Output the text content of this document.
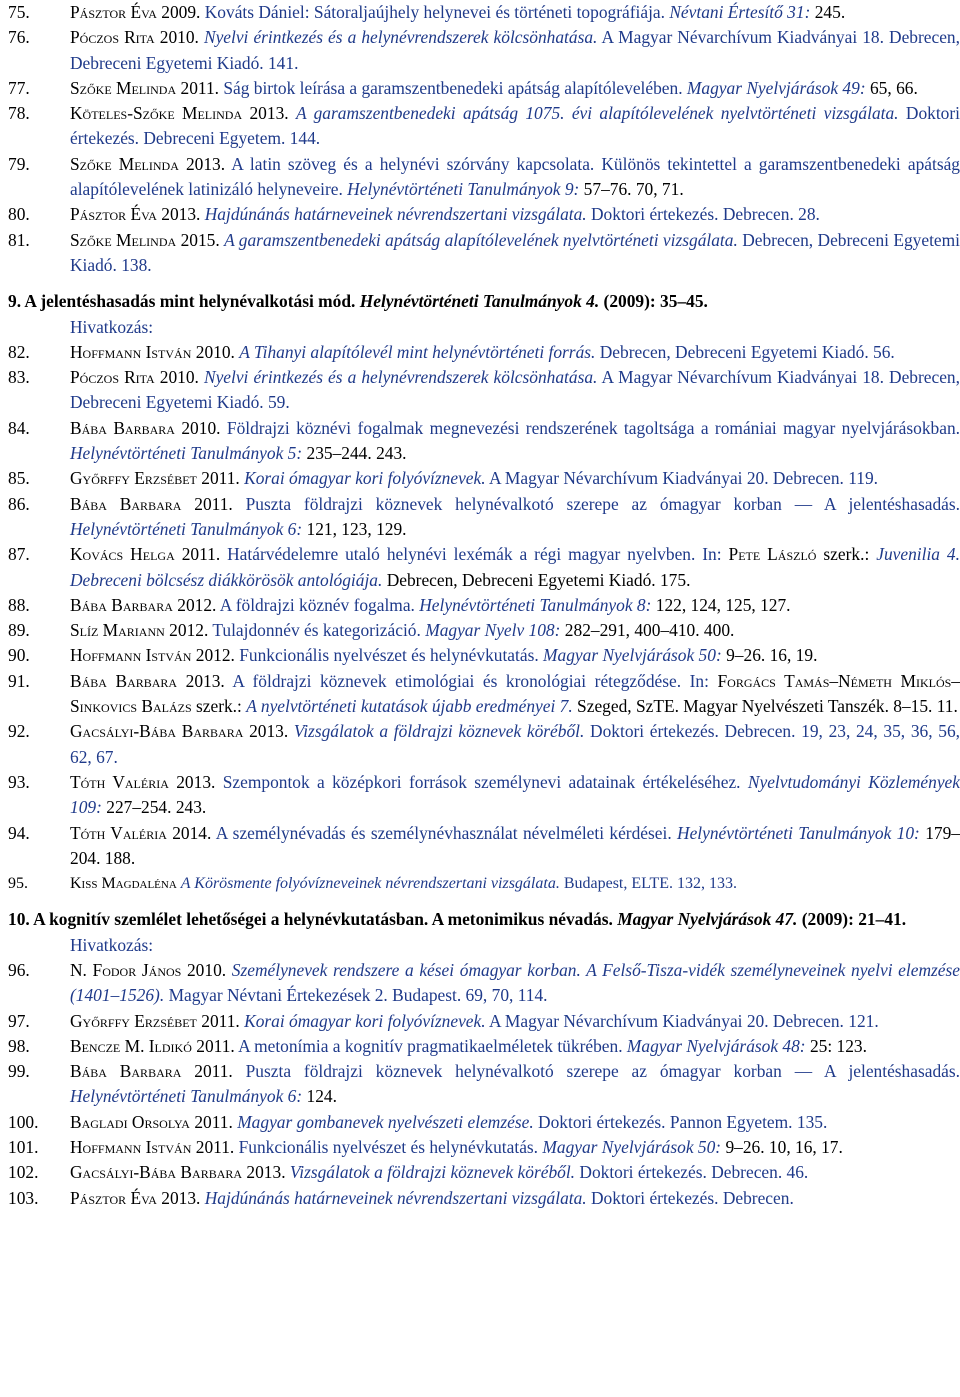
75. Pásztor Éva 2009. Kováts Dániel: Sátoraljaújhely helynevei és történeti topográfiája. Névtani Értesítő 31: 245.

76. Póczos Rita 2010. Nyelvi érintkezés és a helynévrendszerek kölcsönhatása. A Magyar Névarchívum Kiadványai 18. Debrecen, Debreceni Egyetemi Kiadó. 141.

77. Szőke Melinda 2011. Ság birtok leírása a garamszentbenedeki apátság alapítólevelében. Magyar Nyelvjárások 49: 65, 66.

78. Köteles-Szőke Melinda 2013. A garamszentbenedeki apátság 1075. évi alapítólevelének nyelvtörténeti vizsgálata. Doktori értekezés. Debreceni Egyetem. 144.

79. Szőke Melinda 2013. A latin szöveg és a helynévi szórvány kapcsolata. Különös tekintettel a garamszentbenedeki apátság alapítólevelének latinizáló helyneveire. Helynévtörténeti Tanulmányok 9: 57–76. 70, 71.

80. Pásztor Éva 2013. Hajdúnánás határneveinek névrendszertani vizsgálata. Doktori értekezés. Debrecen. 28.

81. Szőke Melinda 2015. A garamszentbenedeki apátság alapítólevelének nyelvtörténeti vizsgálata. Debrecen, Debreceni Egyetemi Kiadó. 138.

9. A jelentéshasadás mint helynévalkotási mód. Helynévtörténeti Tanulmányok 4. (2009): 35–45.
Hivatkozás:
82. Hoffmann István 2010. A Tihanyi alapítólevél mint helynévtörténeti forrás. Debrecen, Debreceni Egyetemi Kiadó. 56.

83. Póczos Rita 2010. Nyelvi érintkezés és a helynévrendszerek kölcsönhatása. A Magyar Névarchívum Kiadványai 18. Debrecen, Debreceni Egyetemi Kiadó. 59.

84. Bába Barbara 2010. Földrajzi köznévi fogalmak megnevezési rendszerének tagoltsága a romániai magyar nyelvjárásokban. Helynévtörténeti Tanulmányok 5: 235–244. 243.

85. Győrffy Erzsébet 2011. Korai ómagyar kori folyóvíznevek. A Magyar Névarchívum Kiadványai 20. Debrecen. 119.

86. Bába Barbara 2011. Puszta földrajzi köznevek helynévalkotó szerepe az ómagyar korban — A jelentéshasadás. Helynévtörténeti Tanulmányok 6: 121, 123, 129.

87. Kovács Helga 2011. Határvédelemre utaló helynévi lexémák a régi magyar nyelvben. In: Pete László szerk.: Juvenilia 4. Debreceni bölcsész diákkörösök antológiája. Debrecen, Debreceni Egyetemi Kiadó. 175.

88. Bába Barbara 2012. A földrajzi köznév fogalma. Helynévtörténeti Tanulmányok 8: 122, 124, 125, 127.

89. Slíz Mariann 2012. Tulajdonnév és kategorizáció. Magyar Nyelv 108: 282–291, 400–410. 400.

90. Hoffmann István 2012. Funkcionális nyelvészet és helynévkutatás. Magyar Nyelvjárások 50: 9–26. 16, 19.

91. Bába Barbara 2013. A földrajzi köznevek etimológiai és kronológiai rétegződése. In: Forgács Tamás–Németh Miklós–Sinkovics Balázs szerk.: A nyelvtörténeti kutatások újabb eredményei 7. Szeged, SzTE. Magyar Nyelvészeti Tanszék. 8–15. 11.

92. Gacsályi-Bába Barbara 2013. Vizsgálatok a földrajzi köznevek köréből. Doktori értekezés. Debrecen. 19, 23, 24, 35, 36, 56, 62, 67.

93. Tóth Valéria 2013. Szempontok a középkori források személynevi adatainak értékeléséhez. Nyelvtudományi Közlemények 109: 227–254. 243.

94. Tóth Valéria 2014. A személynévadás és személynévhasználat névelméleti kérdései. Helynévtörténeti Tanulmányok 10: 179–204. 188.

95.	Kiss Magdaléna A Körösmente folyóvízneveinek névrendszertani vizsgálata. Budapest, ELTE. 132, 133.

10. A kognitív szemlélet lehetőségei a helynévkutatásban. A metonimikus névadás. Magyar Nyelvjárások 47. (2009): 21–41.
Hivatkozás:
96. N. Fodor János 2010. Személynevek rendszere a kései ómagyar korban. A Felső-Tisza-vidék személyneveinek nyelvi elemzése (1401–1526). Magyar Névtani Értekezések 2. Budapest. 69, 70, 114.

97. Győrffy Erzsébet 2011. Korai ómagyar kori folyóvíznevek. A Magyar Névarchívum Kiadványai 20. Debrecen. 121.

98. Bencze M. Ildikó 2011. A metonímia a kognitív pragmatikaelméletek tükrében. Magyar Nyelvjárások 48: 25: 123.

99. Bába Barbara 2011. Puszta földrajzi köznevek helynévalkotó szerepe az ómagyar korban — A jelentéshasadás. Helynévtörténeti Tanulmányok 6: 124.

100. Bagladi Orsolya 2011. Magyar gombanevek nyelvészeti elemzése. Doktori értekezés. Pannon Egyetem. 135.

101. Hoffmann István 2011. Funkcionális nyelvészet és helynévkutatás. Magyar Nyelvjárások 50: 9–26. 10, 16, 17.

102. Gacsályi-Bába Barbara 2013. Vizsgálatok a földrajzi köznevek köréből. Doktori értekezés. Debrecen. 46.

103. Pásztor Éva 2013. Hajdúnánás határneveinek névrendszertani vizsgálata. Doktori értekezés. Debrecen.
